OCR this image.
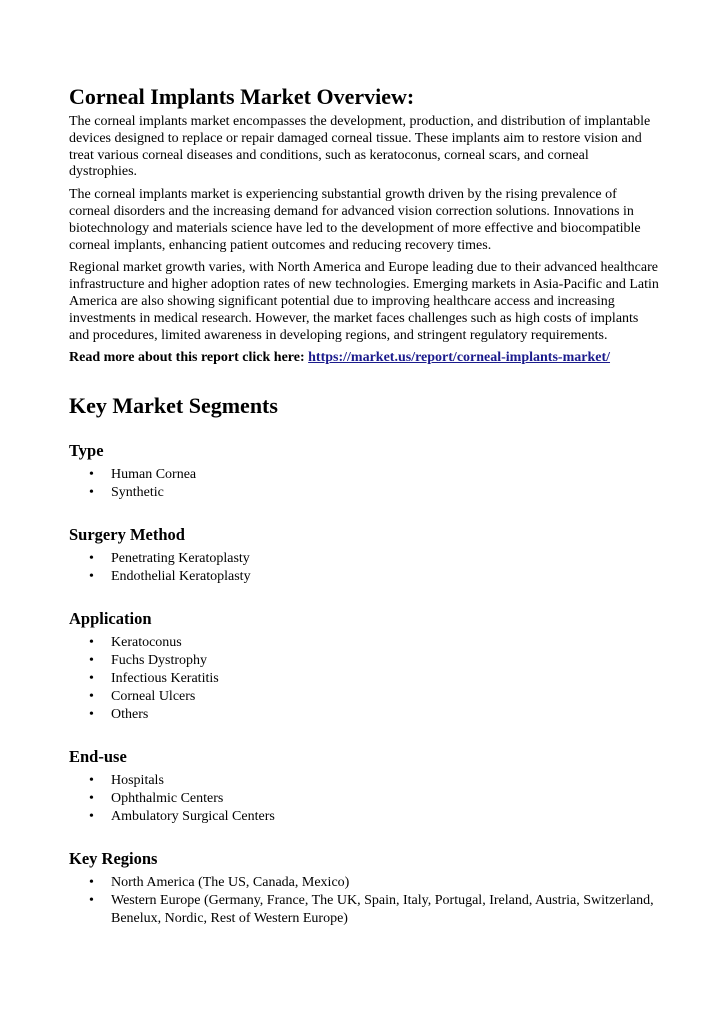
Corneal Implants Market Overview:

The corneal implants market encompasses the development, production, and distribution of implantable devices designed to replace or repair damaged corneal tissue. These implants aim to restore vision and treat various corneal diseases and conditions, such as keratoconus, corneal scars, and corneal dystrophies.

The corneal implants market is experiencing substantial growth driven by the rising prevalence of corneal disorders and the increasing demand for advanced vision correction solutions. Innovations in biotechnology and materials science have led to the development of more effective and biocompatible corneal implants, enhancing patient outcomes and reducing recovery times.

Regional market growth varies, with North America and Europe leading due to their advanced healthcare infrastructure and higher adoption rates of new technologies. Emerging markets in Asia-Pacific and Latin America are also showing significant potential due to improving healthcare access and increasing investments in medical research. However, the market faces challenges such as high costs of implants and procedures, limited awareness in developing regions, and stringent regulatory requirements.

Read more about this report click here: https://market.us/report/corneal-implants-market/

Key Market Segments
Type
• Human Cornea
• Synthetic
Surgery Method
• Penetrating Keratoplasty
• Endothelial Keratoplasty
Application
• Keratoconus
• Fuchs Dystrophy
• Infectious Keratitis
• Corneal Ulcers
• Others
End-use
• Hospitals
• Ophthalmic Centers
• Ambulatory Surgical Centers
Key Regions
• North America (The US, Canada, Mexico)
• Western Europe (Germany, France, The UK, Spain, Italy, Portugal, Ireland, Austria, Switzerland, Benelux, Nordic, Rest of Western Europe)
